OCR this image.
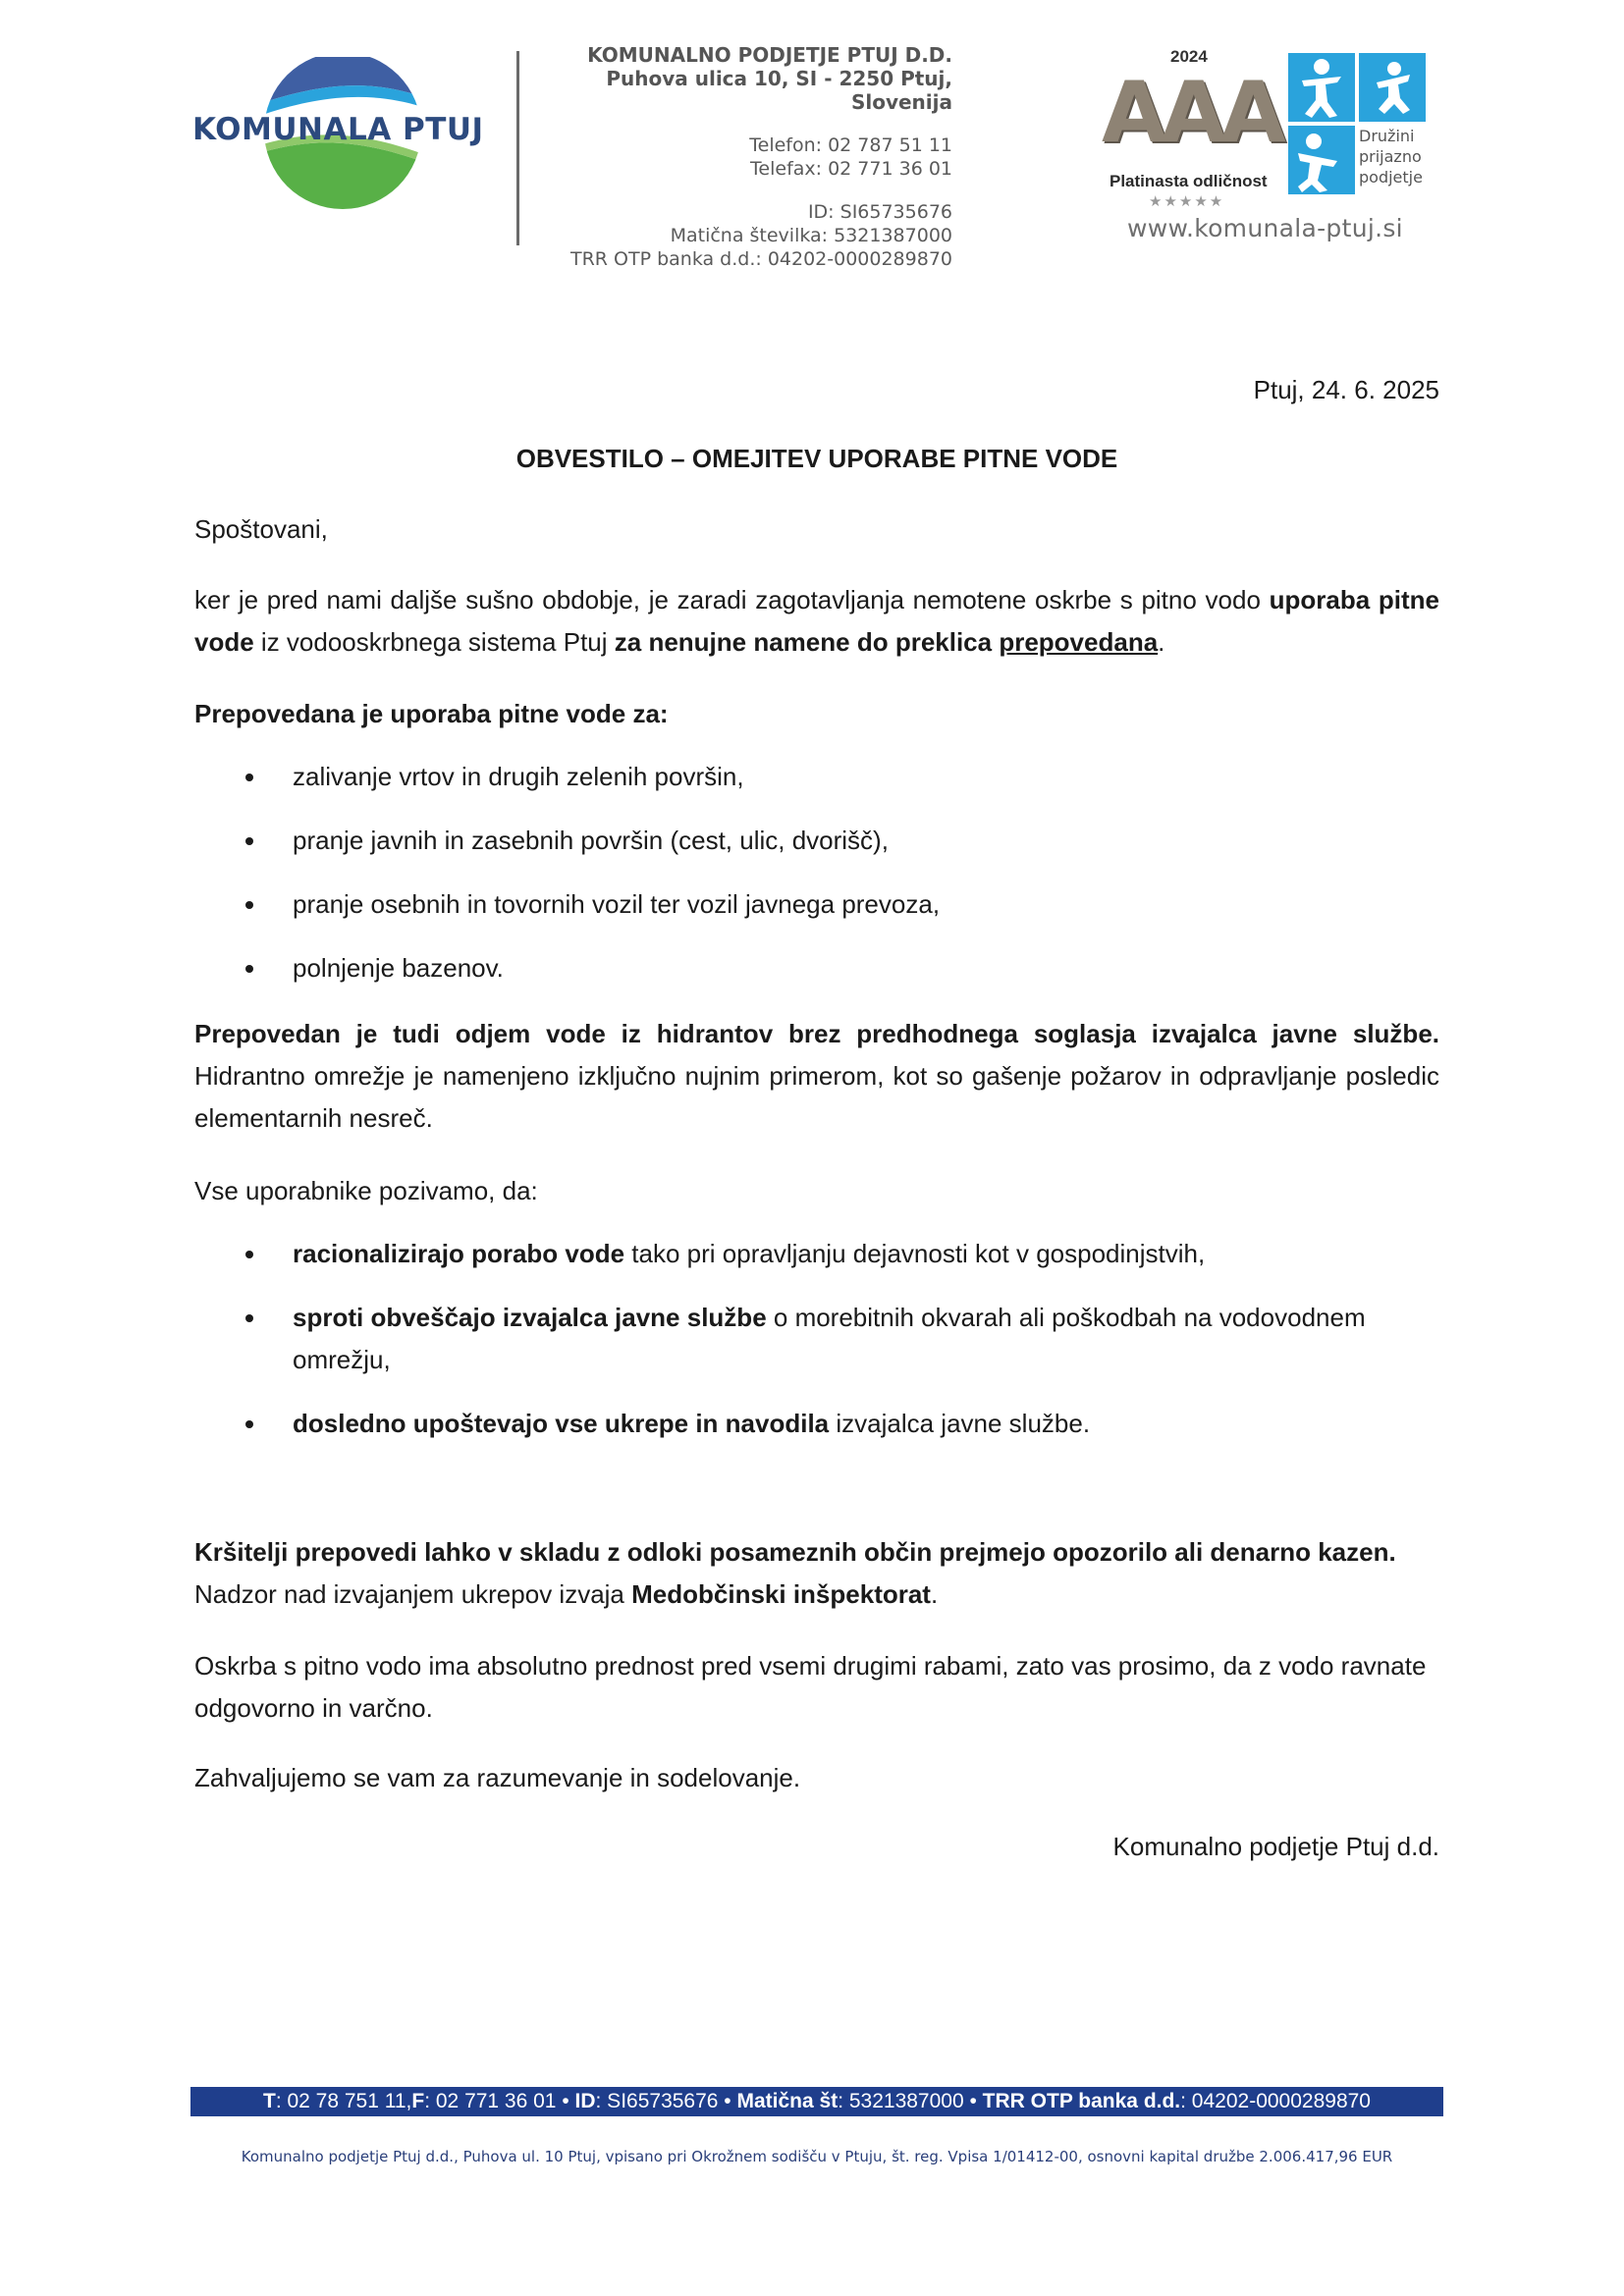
KOMUNALA PTUJ
KOMUNALNO PODJETJE PTUJ D.D.
Puhova ulica 10, SI - 2250 Ptuj, Slovenija
Telefon: 02 787 51 11
Telefax: 02 771 36 01
ID: SI65735676
Matična številka: 5321387000
TRR OTP banka d.d.: 04202-0000289870
2024
AAA
Platinasta odličnost
★★★★★
Družini
prijazno
podjetje
www.komunala-ptuj.si
Ptuj, 24. 6. 2025
OBVESTILO – OMEJITEV UPORABE PITNE VODE
Spoštovani,
ker je pred nami daljše sušno obdobje, je zaradi zagotavljanja nemotene oskrbe s pitno vodo uporaba pitne vode iz vodooskrbnega sistema Ptuj za nenujne namene do preklica prepovedana.
Prepovedana je uporaba pitne vode za:
zalivanje vrtov in drugih zelenih površin,
pranje javnih in zasebnih površin (cest, ulic, dvorišč),
pranje osebnih in tovornih vozil ter vozil javnega prevoza,
polnjenje bazenov.
Prepovedan je tudi odjem vode iz hidrantov brez predhodnega soglasja izvajalca javne službe. Hidrantno omrežje je namenjeno izključno nujnim primerom, kot so gašenje požarov in odpravljanje posledic elementarnih nesreč.
Vse uporabnike pozivamo, da:
racionalizirajo porabo vode tako pri opravljanju dejavnosti kot v gospodinjstvih,
sproti obveščajo izvajalca javne službe o morebitnih okvarah ali poškodbah na vodovodnem omrežju,
dosledno upoštevajo vse ukrepe in navodila izvajalca javne službe.
Kršitelji prepovedi lahko v skladu z odloki posameznih občin prejmejo opozorilo ali denarno kazen. Nadzor nad izvajanjem ukrepov izvaja Medobčinski inšpektorat.
Oskrba s pitno vodo ima absolutno prednost pred vsemi drugimi rabami, zato vas prosimo, da z vodo ravnate odgovorno in varčno.
Zahvaljujemo se vam za razumevanje in sodelovanje.
Komunalno podjetje Ptuj d.d.
T: 02 78 751 11,F: 02 771 36 01 • ID: SI65735676 • Matična št: 5321387000 • TRR OTP banka d.d.: 04202-0000289870
Komunalno podjetje Ptuj d.d., Puhova ul. 10 Ptuj, vpisano pri Okrožnem sodišču v Ptuju, št. reg. Vpisa 1/01412-00, osnovni kapital družbe 2.006.417,96 EUR
